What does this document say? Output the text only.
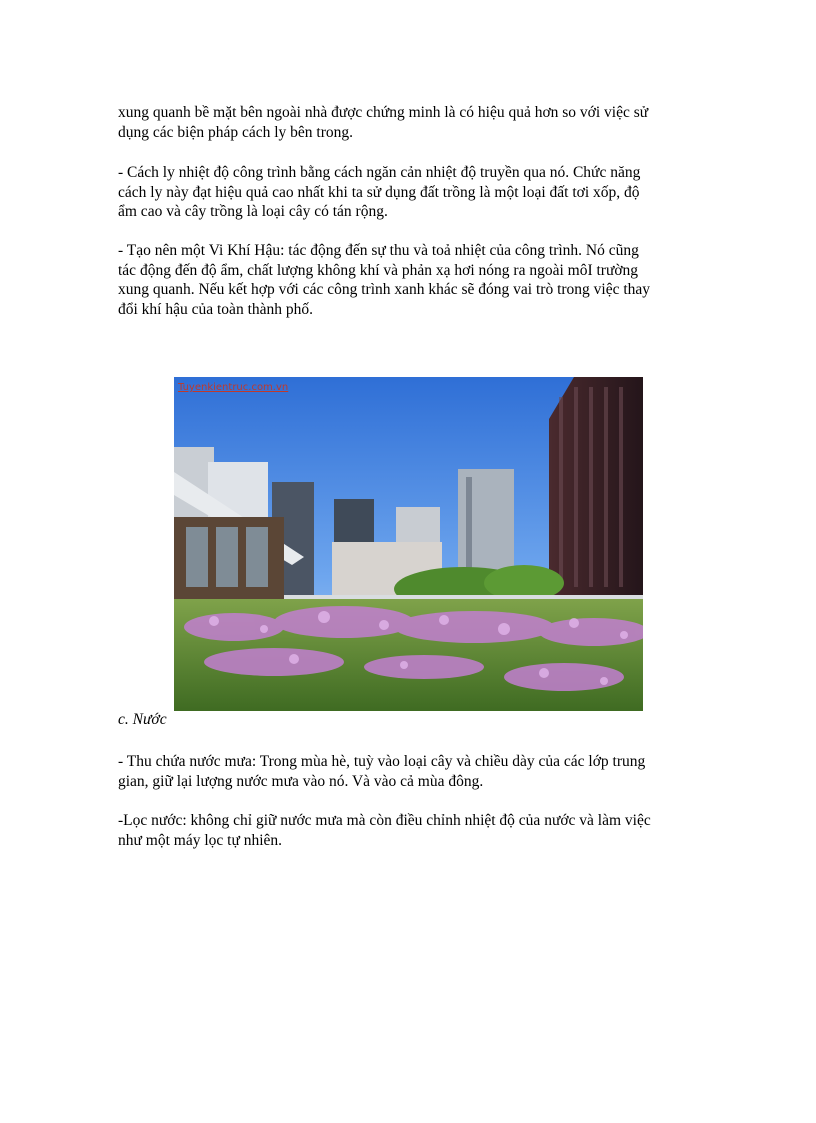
xung quanh bề mặt bên ngoài nhà được chứng minh là có hiệu quả hơn so với việc sử
dụng các biện pháp cách ly bên trong.

- Cách ly nhiệt độ công trình bằng cách ngăn cản nhiệt độ truyền qua nó. Chức năng
cách ly này đạt hiệu quả cao nhất khi ta sử dụng đất trồng là một loại đất tơi xốp, độ
ẩm cao và cây trồng là loại cây có tán rộng.

- Tạo nên một Vi Khí Hậu: tác động đến sự thu và toả nhiệt của công trình. Nó cũng
tác động đến độ ẩm, chất lượng không khí và phản xạ hơi nóng ra ngoài môI trường
xung quanh. Nếu kết hợp với các công trình xanh khác sẽ đóng vai trò trong việc thay
đổi khí hậu của toàn thành phố.

Tuyenkientruc.com.vn
c. Nước

- Thu chứa nước mưa: Trong mùa hè, tuỳ vào loại cây và chiều dày của các lớp trung
gian, giữ lại lượng nước mưa vào nó. Và vào cả mùa đông.

-Lọc nước: không chỉ giữ nước mưa mà còn điều chỉnh nhiệt độ của nước và làm việc
như một máy lọc tự nhiên.
